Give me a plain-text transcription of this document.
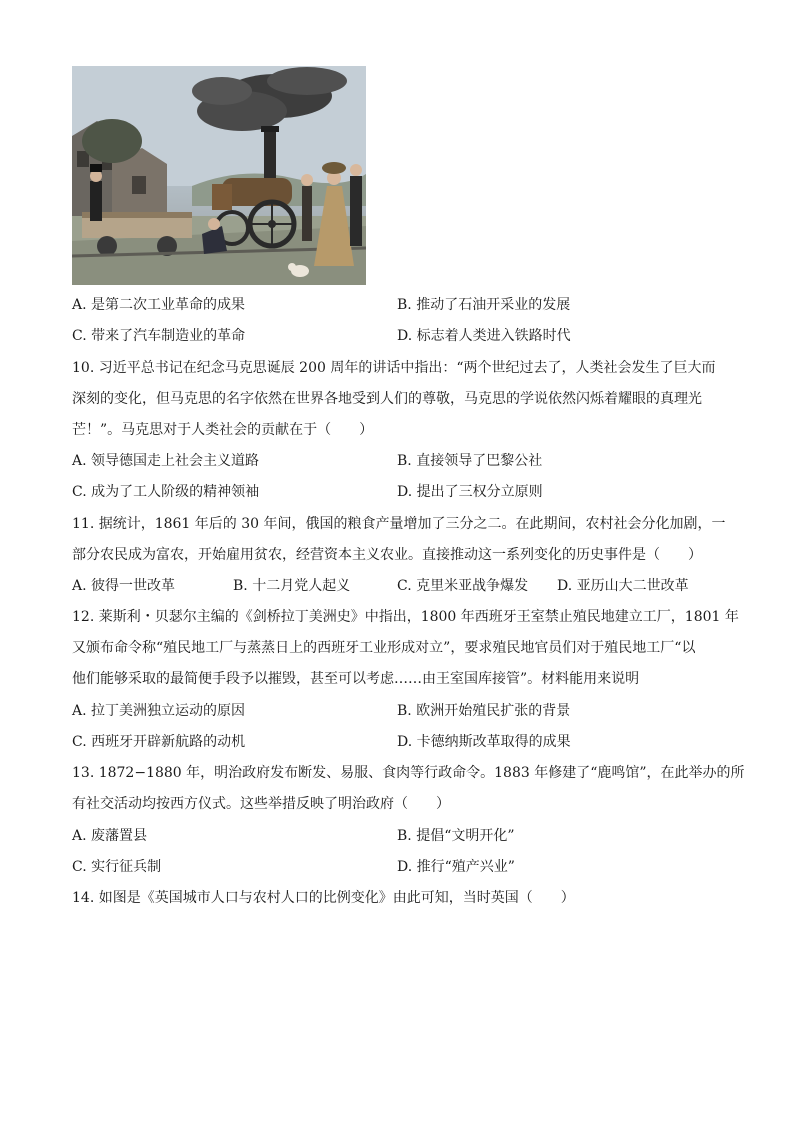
A. 是第二次工业革命的成果	B. 推动了石油开采业的发展
C. 带来了汽车制造业的革命	D. 标志着人类进入铁路时代
10. 习近平总书记在纪念马克思诞辰 200 周年的讲话中指出：“两个世纪过去了，人类社会发生了巨大而
深刻的变化，但马克思的名字依然在世界各地受到人们的尊敬，马克思的学说依然闪烁着耀眼的真理光
芒！”。马克思对于人类社会的贡献在于（　　）
A. 领导德国走上社会主义道路	B. 直接领导了巴黎公社
C. 成为了工人阶级的精神领袖	D. 提出了三权分立原则
11. 据统计，1861 年后的 30 年间，俄国的粮食产量增加了三分之二。在此期间，农村社会分化加剧，一
部分农民成为富农，开始雇用贫农，经营资本主义农业。直接推动这一系列变化的历史事件是（　　）
A. 彼得一世改革	B. 十二月党人起义	C. 克里米亚战争爆发 D. 亚历山大二世改革
12. 莱斯利・贝瑟尔主编的《剑桥拉丁美洲史》中指出，1800 年西班牙王室禁止殖民地建立工厂，1801 年
又颁布命令称“殖民地工厂与蒸蒸日上的西班牙工业形成对立”，要求殖民地官员们对于殖民地工厂“以
他们能够采取的最简便手段予以摧毁，甚至可以考虑……由王室国库接管”。材料能用来说明
A. 拉丁美洲独立运动的原因	B. 欧洲开始殖民扩张的背景
C. 西班牙开辟新航路的动机	D. 卡德纳斯改革取得的成果
13. 1872−1880 年，明治政府发布断发、易服、食肉等行政命令。1883 年修建了“鹿鸣馆”，在此举办的所
有社交活动均按西方仪式。这些举措反映了明治政府（　　）
A. 废藩置县	B. 提倡“文明开化”
C. 实行征兵制	D. 推行“殖产兴业”
14. 如图是《英国城市人口与农村人口的比例变化》由此可知，当时英国（　　）
